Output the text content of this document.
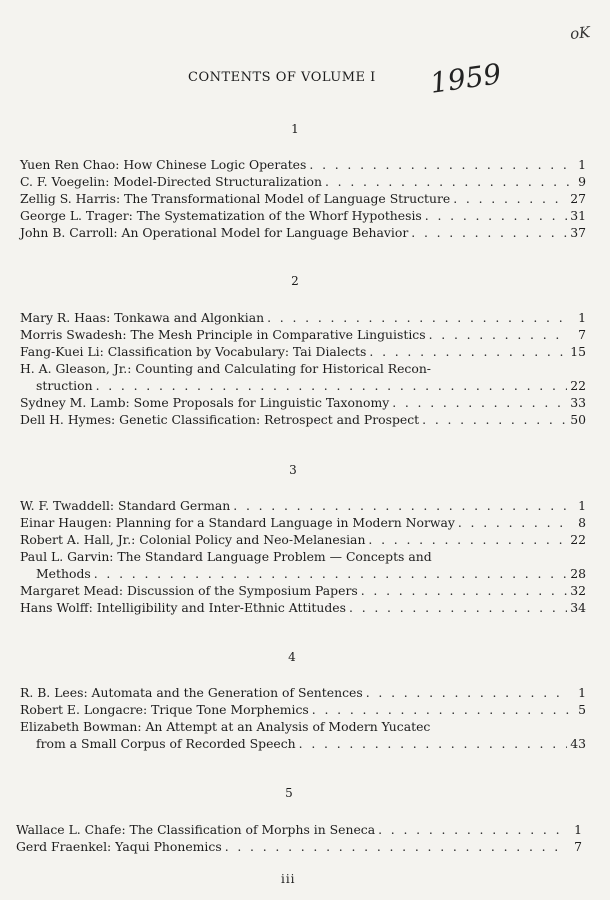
oK
CONTENTS OF VOLUME I 1959
1
Yuen Ren Chao: How Chinese Logic Operates . . .	1
C. F. Voegelin: Model-Directed Structuralization . . .	9
Zellig S. Harris: The Transformational Model of Language Structure . . .	27
George L. Trager: The Systematization of the Whorf Hypothesis . . .	31
John B. Carroll: An Operational Model for Language Behavior . . .	37
2
Mary R. Haas: Tonkawa and Algonkian . . .	1
Morris Swadesh: The Mesh Principle in Comparative Linguistics . . .	7
Fang-Kuei Li: Classification by Vocabulary: Tai Dialects . . .	15
H. A. Gleason, Jr.: Counting and Calculating for Historical Recon-
struction . . .	22
Sydney M. Lamb: Some Proposals for Linguistic Taxonomy . . .	33
Dell H. Hymes: Genetic Classification: Retrospect and Prospect . . .	50
3
W. F. Twaddell: Standard German . . .	1
Einar Haugen: Planning for a Standard Language in Modern Norway . . .	8
Robert A. Hall, Jr.: Colonial Policy and Neo-Melanesian . . .	22
Paul L. Garvin: The Standard Language Problem — Concepts and
Methods . . .	28
Margaret Mead: Discussion of the Symposium Papers . . .	32
Hans Wolff: Intelligibility and Inter-Ethnic Attitudes . . .	34
4
R. B. Lees: Automata and the Generation of Sentences . . .	1
Robert E. Longacre: Trique Tone Morphemics . . .	5
Elizabeth Bowman: An Attempt at an Analysis of Modern Yucatec
from a Small Corpus of Recorded Speech . . .	43
5
Wallace L. Chafe: The Classification of Morphs in Seneca . . .	1
Gerd Fraenkel: Yaqui Phonemics . . .	7
iii
